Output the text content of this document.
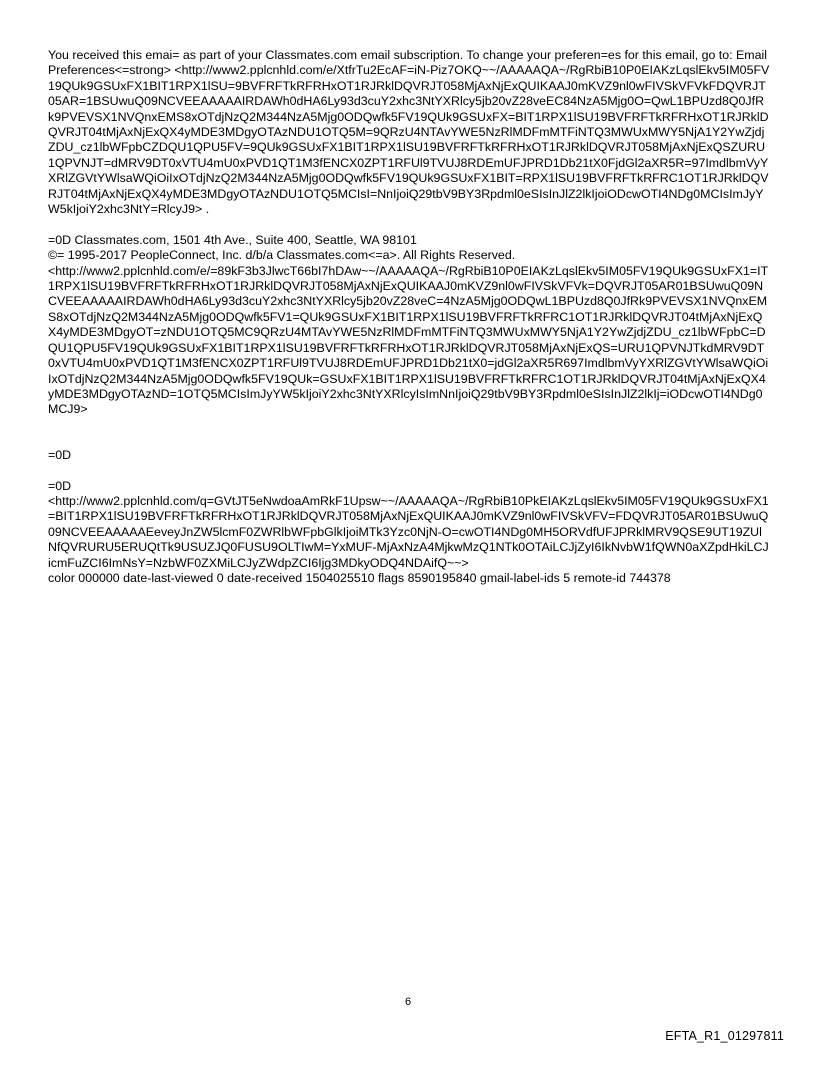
You received this emai= as part of your Classmates.com email subscription. To change your preferen=es for this email, go to: Email Preferences<=strong> <http://www2.pplcnhld.com/e/XtfrTu2EcAF=iN-Piz7OKQ~~/AAAAAQA~/RgRbiB10P0EIAKzLqslEkv5IM05FV19QUk9GSUxFX1BIT1RPX1lSU=9BVFRFTkRFRHxOT1RJRklDQVRJT058MjAxNjExQUIKAAJ0mKVZ9nl0wFIVSkVFVkFDQVRJT05AR=1BSUwuQ09NCVEEAAAAAIRDAWh0dHA6Ly93d3cuY2xhc3NtYXRlcy5jb20vZ28veEC84NzA5Mjg0O=QwL1BPUzd8Q0JfRk9PVEVSX1NVQnxEMS8xOTdjNzQ2M344NzA5Mjg0ODQwfk5FV19QUk9GSUxFX=BIT1RPX1lSU19BVFRFTkRFRHxOT1RJRklDQVRJT04tMjAxNjExQX4yMDE3MDgyOTAzNDU1OTQ5M=9QRzU4NTAvYWE5NzRlMDFmMTFiNTQ3MWUxMWY5NjA1Y2YwZjdjZDU_cz1lbWFpbCZDQU1QPU5FV=9QUk9GSUxFX1BIT1RPX1lSU19BVFRFTkRFRHxOT1RJRklDQVRJT058MjAxNjExQSZURU1QPVNJT=dMRV9DT0xVTU4mU0xPVD1QT1M3fENCX0ZPT1RFUl9TVUJ8RDEmUFJPRD1Db21tX0FjdGl2aXR5R=97ImdlbmVyYXRlZGVtYWlsaWQiOiIxOTdjNzQ2M344NzA5Mjg0ODQwfk5FV19QUk9GSUxFX1BIT=RPX1lSU19BVFRFTkRFRC1OT1RJRklDQVRJT04tMjAxNjExQX4yMDE3MDgyOTAzNDU1OTQ5MCIsI=NnIjoiQ29tbV9BY3Rpdml0eSIsInJlZ2lkIjoiODcwOTI4NDg0MCIsImJyYW5kIjoiY2xhc3NtY=RlcyJ9> .

=0D Classmates.com, 1501 4th Ave., Suite 400, Seattle, WA 98101

©= 1995-2017 PeopleConnect, Inc. d/b/a Classmates.com<=a>. All Rights Reserved.

<http://www2.pplcnhld.com/e/=89kF3b3JlwcT66bI7hDAw~~/AAAAAQA~/RgRbiB10P0EIAKzLqslEkv5IM05FV19QUk9GSUxFX1=IT1RPX1lSU19BVFRFTkRFRHxOT1RJRklDQVRJT058MjAxNjExQUIKAAJ0mKVZ9nl0wFIVSkVFVk=DQVRJT05AR01BSUwuQ09NCVEEAAAAAIRDAWh0dHA6Ly93d3cuY2xhc3NtYXRlcy5jb20vZ28veC=4NzA5Mjg0ODQwL1BPUzd8Q0JfRk9PVEVSX1NVQnxEMS8xOTdjNzQ2M344NzA5Mjg0ODQwfk5FV1=QUk9GSUxFX1BIT1RPX1lSU19BVFRFTkRFRC1OT1RJRklDQVRJT04tMjAxNjExQX4yMDE3MDgyOT=zNDU1OTQ5MC9QRzU4MTAvYWE5NzRlMDFmMTFiNTQ3MWUxMWY5NjA1Y2YwZjdjZDU_cz1lbWFpbC=DQU1QPU5FV19QUk9GSUxFX1BIT1RPX1lSU19BVFRFTkRFRHxOT1RJRklDQVRJT058MjAxNjExQS=URU1QPVNJTkdMRV9DT0xVTU4mU0xPVD1QT1M3fENCX0ZPT1RFUl9TVUJ8RDEmUFJPRD1Db21tX0=jdGl2aXR5R697ImdlbmVyYXRlZGVtYWlsaWQiOiIxOTdjNzQ2M344NzA5Mjg0ODQwfk5FV19QUk=GSUxFX1BIT1RPX1lSU19BVFRFTkRFRC1OT1RJRklDQVRJT04tMjAxNjExQX4yMDE3MDgyOTAzND=1OTQ5MCIsImJyYW5kIjoiY2xhc3NtYXRlcyIsImNnIjoiQ29tbV9BY3Rpdml0eSIsInJlZ2lkIj=iODcwOTI4NDg0MCJ9>

=0D

=0D

<http://www2.pplcnhld.com/q=GVtJT5eNwdoaAmRkF1Upsw~~/AAAAAQA~/RgRbiB10PkEIAKzLqslEkv5IM05FV19QUk9GSUxFX1=BIT1RPX1lSU19BVFRFTkRFRHxOT1RJRklDQVRJT058MjAxNjExQUIKAAJ0mKVZ9nl0wFIVSkVFV=FDQVRJT05AR01BSUwuQ09NCVEEAAAAAEeveyJnZW5lcmF0ZWRlbWFpbGlkIjoiMTk3Yzc0NjN-O=cwOTI4NDg0MH5ORVdfUFJPRklMRV9QSE9UT19ZUlNfQVRURU5ERUQtTk9USUZJQ0FUSU9OLTIwM=YxMUF-MjAxNzA4MjkwMzQ1NTk0OTAiLCJjZyI6IkNvbW1fQWN0aXZpdHkiLCJicmFuZCI6ImNsY=NzbWF0ZXMiLCJyZWdpZCI6Ijg3MDkyODQ4NDAifQ~~>

color 000000 date-last-viewed 0 date-received 1504025510 flags 8590195840 gmail-label-ids 5 remote-id 744378

6
EFTA_R1_01297811
